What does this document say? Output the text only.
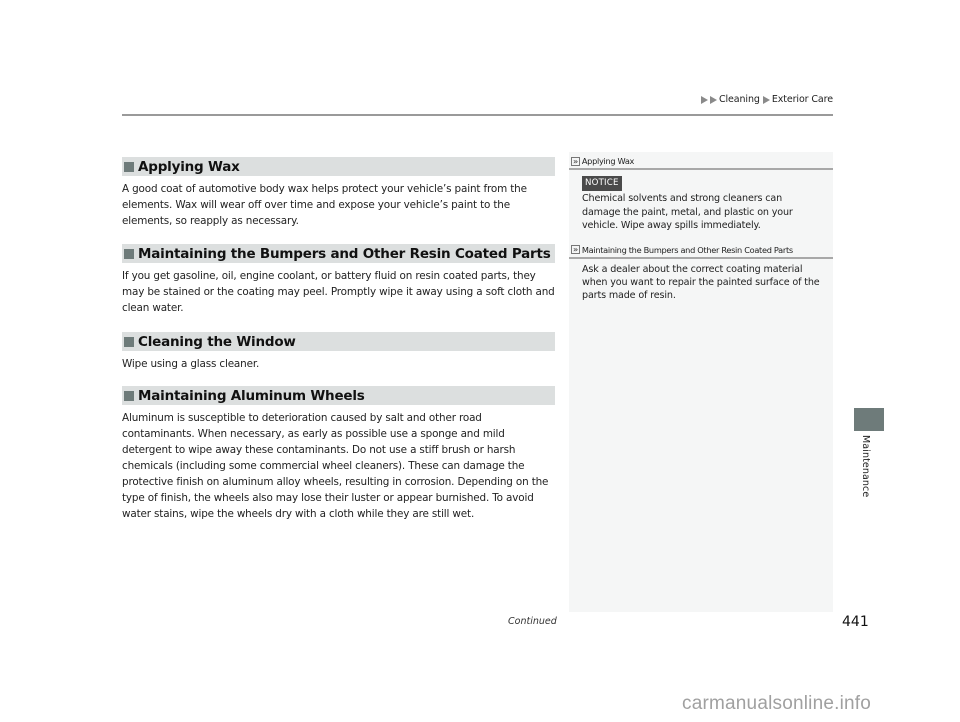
Cleaning Exterior Care
Applying Wax

A good coat of automotive body wax helps protect your vehicle’s paint from the elements. Wax will wear off over time and expose your vehicle’s paint to the elements, so reapply as necessary.

Maintaining the Bumpers and Other Resin Coated Parts

If you get gasoline, oil, engine coolant, or battery fluid on resin coated parts, they may be stained or the coating may peel. Promptly wipe it away using a soft cloth and clean water.

Cleaning the Window

Wipe using a glass cleaner.

Maintaining Aluminum Wheels

Aluminum is susceptible to deterioration caused by salt and other road contaminants. When necessary, as early as possible use a sponge and mild detergent to wipe away these contaminants. Do not use a stiff brush or harsh chemicals (including some commercial wheel cleaners). These can damage the protective finish on aluminum alloy wheels, resulting in corrosion. Depending on the type of finish, the wheels also may lose their luster or appear burnished. To avoid water stains, wipe the wheels dry with a cloth while they are still wet.

» Applying Wax
NOTICE
Chemical solvents and strong cleaners can damage the paint, metal, and plastic on your vehicle. Wipe away spills immediately.
» Maintaining the Bumpers and Other Resin Coated Parts
Ask a dealer about the correct coating material when you want to repair the painted surface of the parts made of resin.
Maintenance
Continued	441
carmanualsonline.info
